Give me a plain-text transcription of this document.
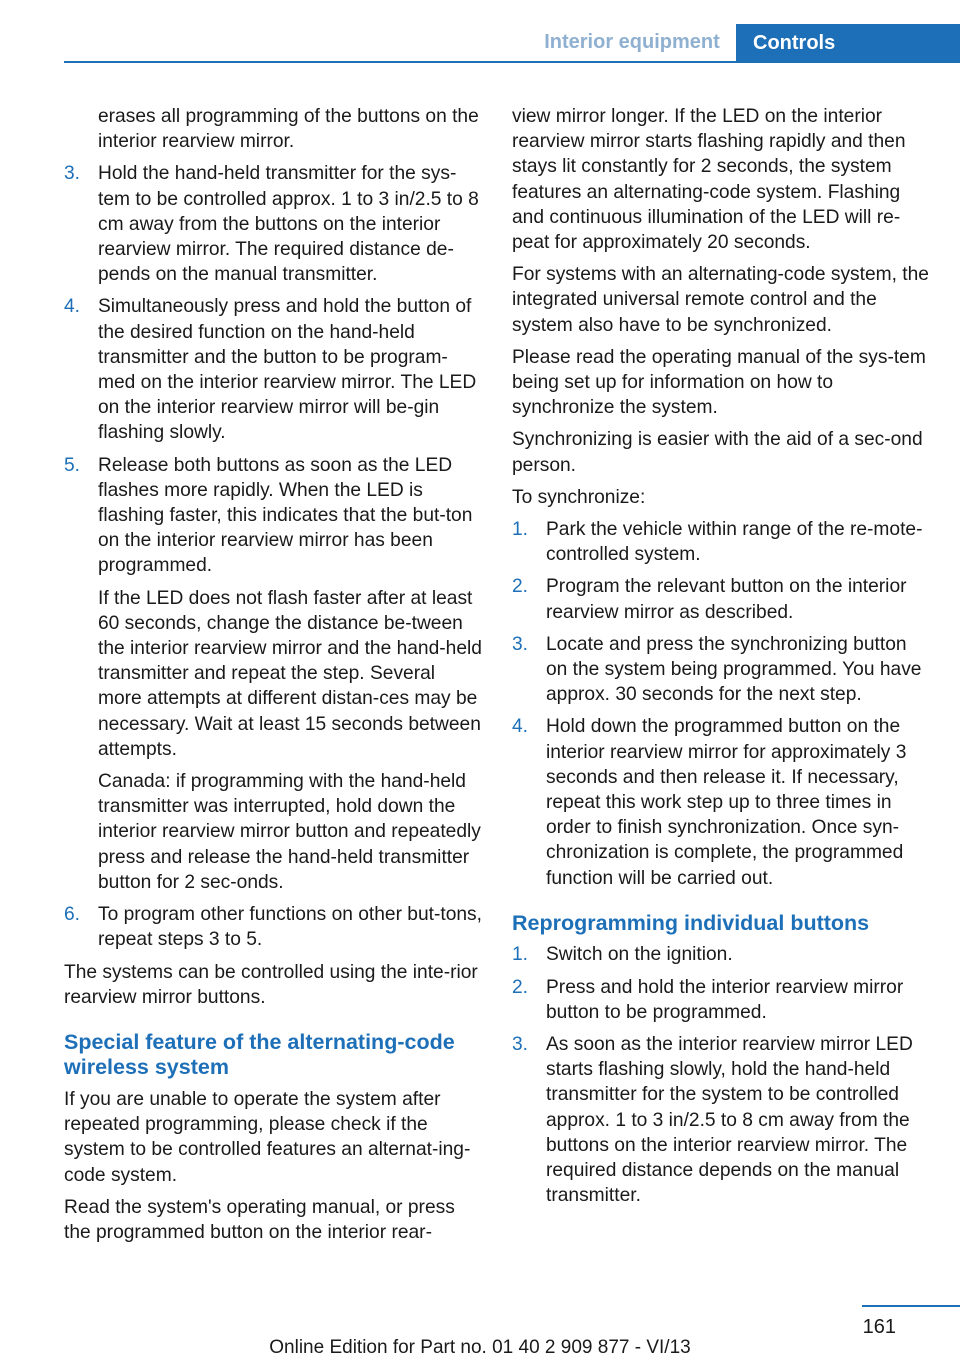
Interior equipment	Controls

erases all programming of the buttons on the interior rearview mirror.

3. Hold the hand-held transmitter for the sys-tem to be controlled approx. 1 to 3 in/2.5 to 8 cm away from the buttons on the interior rearview mirror. The required distance de-pends on the manual transmitter.
4. Simultaneously press and hold the button of the desired function on the hand-held transmitter and the button to be program-med on the interior rearview mirror. The LED on the interior rearview mirror will be-gin flashing slowly.
5. Release both buttons as soon as the LED flashes more rapidly. When the LED is flashing faster, this indicates that the but-ton on the interior rearview mirror has been programmed.
If the LED does not flash faster after at least 60 seconds, change the distance be-tween the interior rearview mirror and the hand-held transmitter and repeat the step. Several more attempts at different distan-ces may be necessary. Wait at least 15 seconds between attempts.
Canada: if programming with the hand-held transmitter was interrupted, hold down the interior rearview mirror button and repeatedly press and release the hand-held transmitter button for 2 sec-onds.
6. To program other functions on other but-tons, repeat steps 3 to 5.

The systems can be controlled using the inte-rior rearview mirror buttons.

Special feature of the alternating-code wireless system

If you are unable to operate the system after repeated programming, please check if the system to be controlled features an alternat-ing-code system.

Read the system's operating manual, or press the programmed button on the interior rear-

view mirror longer. If the LED on the interior rearview mirror starts flashing rapidly and then stays lit constantly for 2 seconds, the system features an alternating-code system. Flashing and continuous illumination of the LED will re-peat for approximately 20 seconds.

For systems with an alternating-code system, the integrated universal remote control and the system also have to be synchronized.

Please read the operating manual of the sys-tem being set up for information on how to synchronize the system.

Synchronizing is easier with the aid of a sec-ond person.

To synchronize:

1. Park the vehicle within range of the re-mote-controlled system.
2. Program the relevant button on the interior rearview mirror as described.
3. Locate and press the synchronizing button on the system being programmed. You have approx. 30 seconds for the next step.
4. Hold down the programmed button on the interior rearview mirror for approximately 3 seconds and then release it. If necessary, repeat this work step up to three times in order to finish synchronization. Once syn-chronization is complete, the programmed function will be carried out.
Reprogramming individual buttons
1. Switch on the ignition.
2. Press and hold the interior rearview mirror button to be programmed.
3. As soon as the interior rearview mirror LED starts flashing slowly, hold the hand-held transmitter for the system to be controlled approx. 1 to 3 in/2.5 to 8 cm away from the buttons on the interior rearview mirror. The required distance depends on the manual transmitter.
161
Online Edition for Part no. 01 40 2 909 877 - VI/13
